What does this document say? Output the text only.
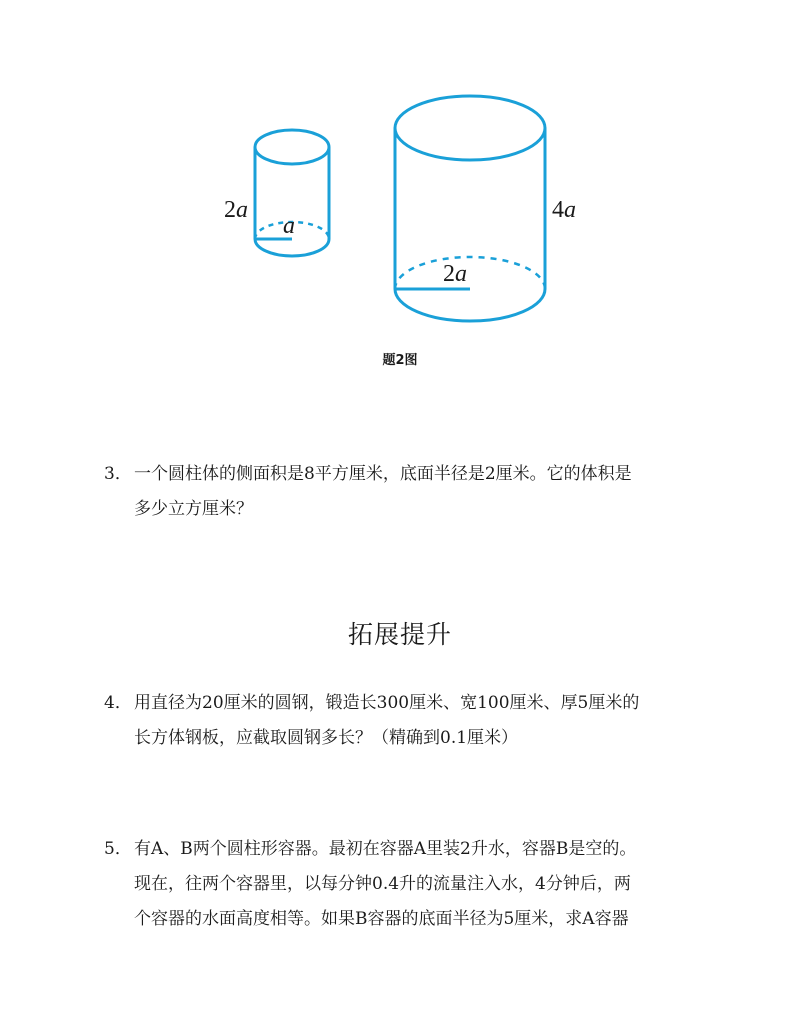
2a
a
4a
2a
题2图
3． 一个圆柱体的侧面积是8平方厘米，底面半径是2厘米。它的体积是
多少立方厘米？
拓展提升
4． 用直径为20厘米的圆钢，锻造长300厘米、宽100厘米、厚5厘米的
长方体钢板，应截取圆钢多长？（精确到0.1厘米）
5． 有A、B两个圆柱形容器。最初在容器A里装2升水，容器B是空的。
现在，往两个容器里，以每分钟0.4升的流量注入水，4分钟后，两
个容器的水面高度相等。如果B容器的底面半径为5厘米，求A容器
